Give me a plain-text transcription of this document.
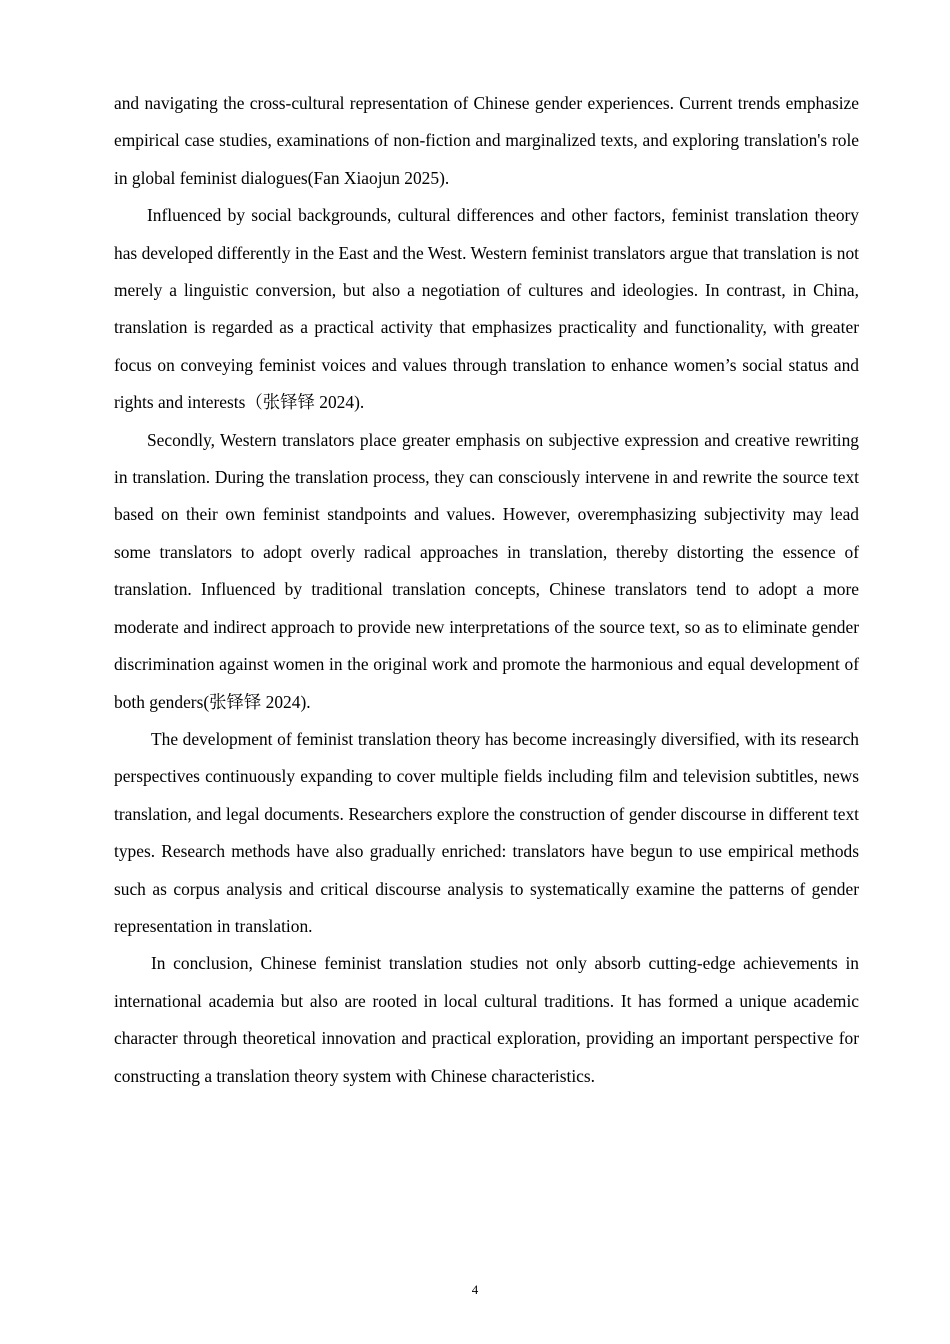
and navigating the cross-cultural representation of Chinese gender experiences. Current trends emphasize empirical case studies, examinations of non-fiction and marginalized texts, and exploring translation's role in global feminist dialogues(Fan Xiaojun 2025).

Influenced by social backgrounds, cultural differences and other factors, feminist translation theory has developed differently in the East and the West. Western feminist translators argue that translation is not merely a linguistic conversion, but also a negotiation of cultures and ideologies. In contrast, in China, translation is regarded as a practical activity that emphasizes practicality and functionality, with greater focus on conveying feminist voices and values through translation to enhance women’s social status and rights and interests（张铎铎 2024).

Secondly, Western translators place greater emphasis on subjective expression and creative rewriting in translation. During the translation process, they can consciously intervene in and rewrite the source text based on their own feminist standpoints and values. However, overemphasizing subjectivity may lead some translators to adopt overly radical approaches in translation, thereby distorting the essence of translation. Influenced by traditional translation concepts, Chinese translators tend to adopt a more moderate and indirect approach to provide new interpretations of the source text, so as to eliminate gender discrimination against women in the original work and promote the harmonious and equal development of both genders(张铎铎 2024).

The development of feminist translation theory has become increasingly diversified, with its research perspectives continuously expanding to cover multiple fields including film and television subtitles, news translation, and legal documents. Researchers explore the construction of gender discourse in different text types. Research methods have also gradually enriched: translators have begun to use empirical methods such as corpus analysis and critical discourse analysis to systematically examine the patterns of gender representation in translation.

In conclusion, Chinese feminist translation studies not only absorb cutting-edge achievements in international academia but also are rooted in local cultural traditions. It has formed a unique academic character through theoretical innovation and practical exploration, providing an important perspective for constructing a translation theory system with Chinese characteristics.

4
